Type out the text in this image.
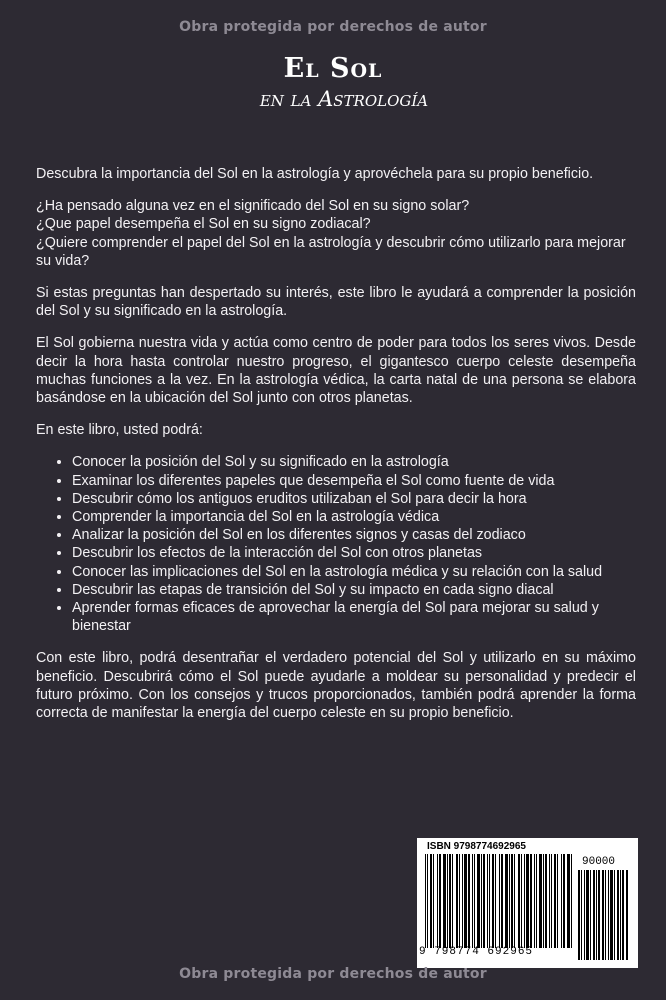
Obra protegida por derechos de autor
El Sol
en la Astrología

Descubra la importancia del Sol en la astrología y aprovéchela para su propio beneficio.

¿Ha pensado alguna vez en el significado del Sol en su signo solar?
¿Que papel desempeña el Sol en su signo zodiacal?
¿Quiere comprender el papel del Sol en la astrología y descubrir cómo utilizarlo para mejorar su vida?

Si estas preguntas han despertado su interés, este libro le ayudará a comprender la posición del Sol y su significado en la astrología.

El Sol gobierna nuestra vida y actúa como centro de poder para todos los seres vivos. Desde decir la hora hasta controlar nuestro progreso, el gigantesco cuerpo celeste desempeña muchas funciones a la vez. En la astrología védica, la carta natal de una persona se elabora basándose en la ubicación del Sol junto con otros planetas.

En este libro, usted podrá:

• Conocer la posición del Sol y su significado en la astrología
• Examinar los diferentes papeles que desempeña el Sol como fuente de vida
• Descubrir cómo los antiguos eruditos utilizaban el Sol para decir la hora
• Comprender la importancia del Sol en la astrología védica
• Analizar la posición del Sol en los diferentes signos y casas del zodiaco
• Descubrir los efectos de la interacción del Sol con otros planetas
• Conocer las implicaciones del Sol en la astrología médica y su relación con la salud
• Descubrir las etapas de transición del Sol y su impacto en cada signo diacal
• Aprender formas eficaces de aprovechar la energía del Sol para mejorar su salud y bienestar

Con este libro, podrá desentrañar el verdadero potencial del Sol y utilizarlo en su máximo beneficio. Descubrirá cómo el Sol puede ayudarle a moldear su personalidad y predecir el futuro próximo. Con los consejos y trucos proporcionados, también podrá aprender la forma correcta de manifestar la energía del cuerpo celeste en su propio beneficio.

ISBN 9798774692965
90000
9 798774 692965
Obra protegida por derechos de autor
